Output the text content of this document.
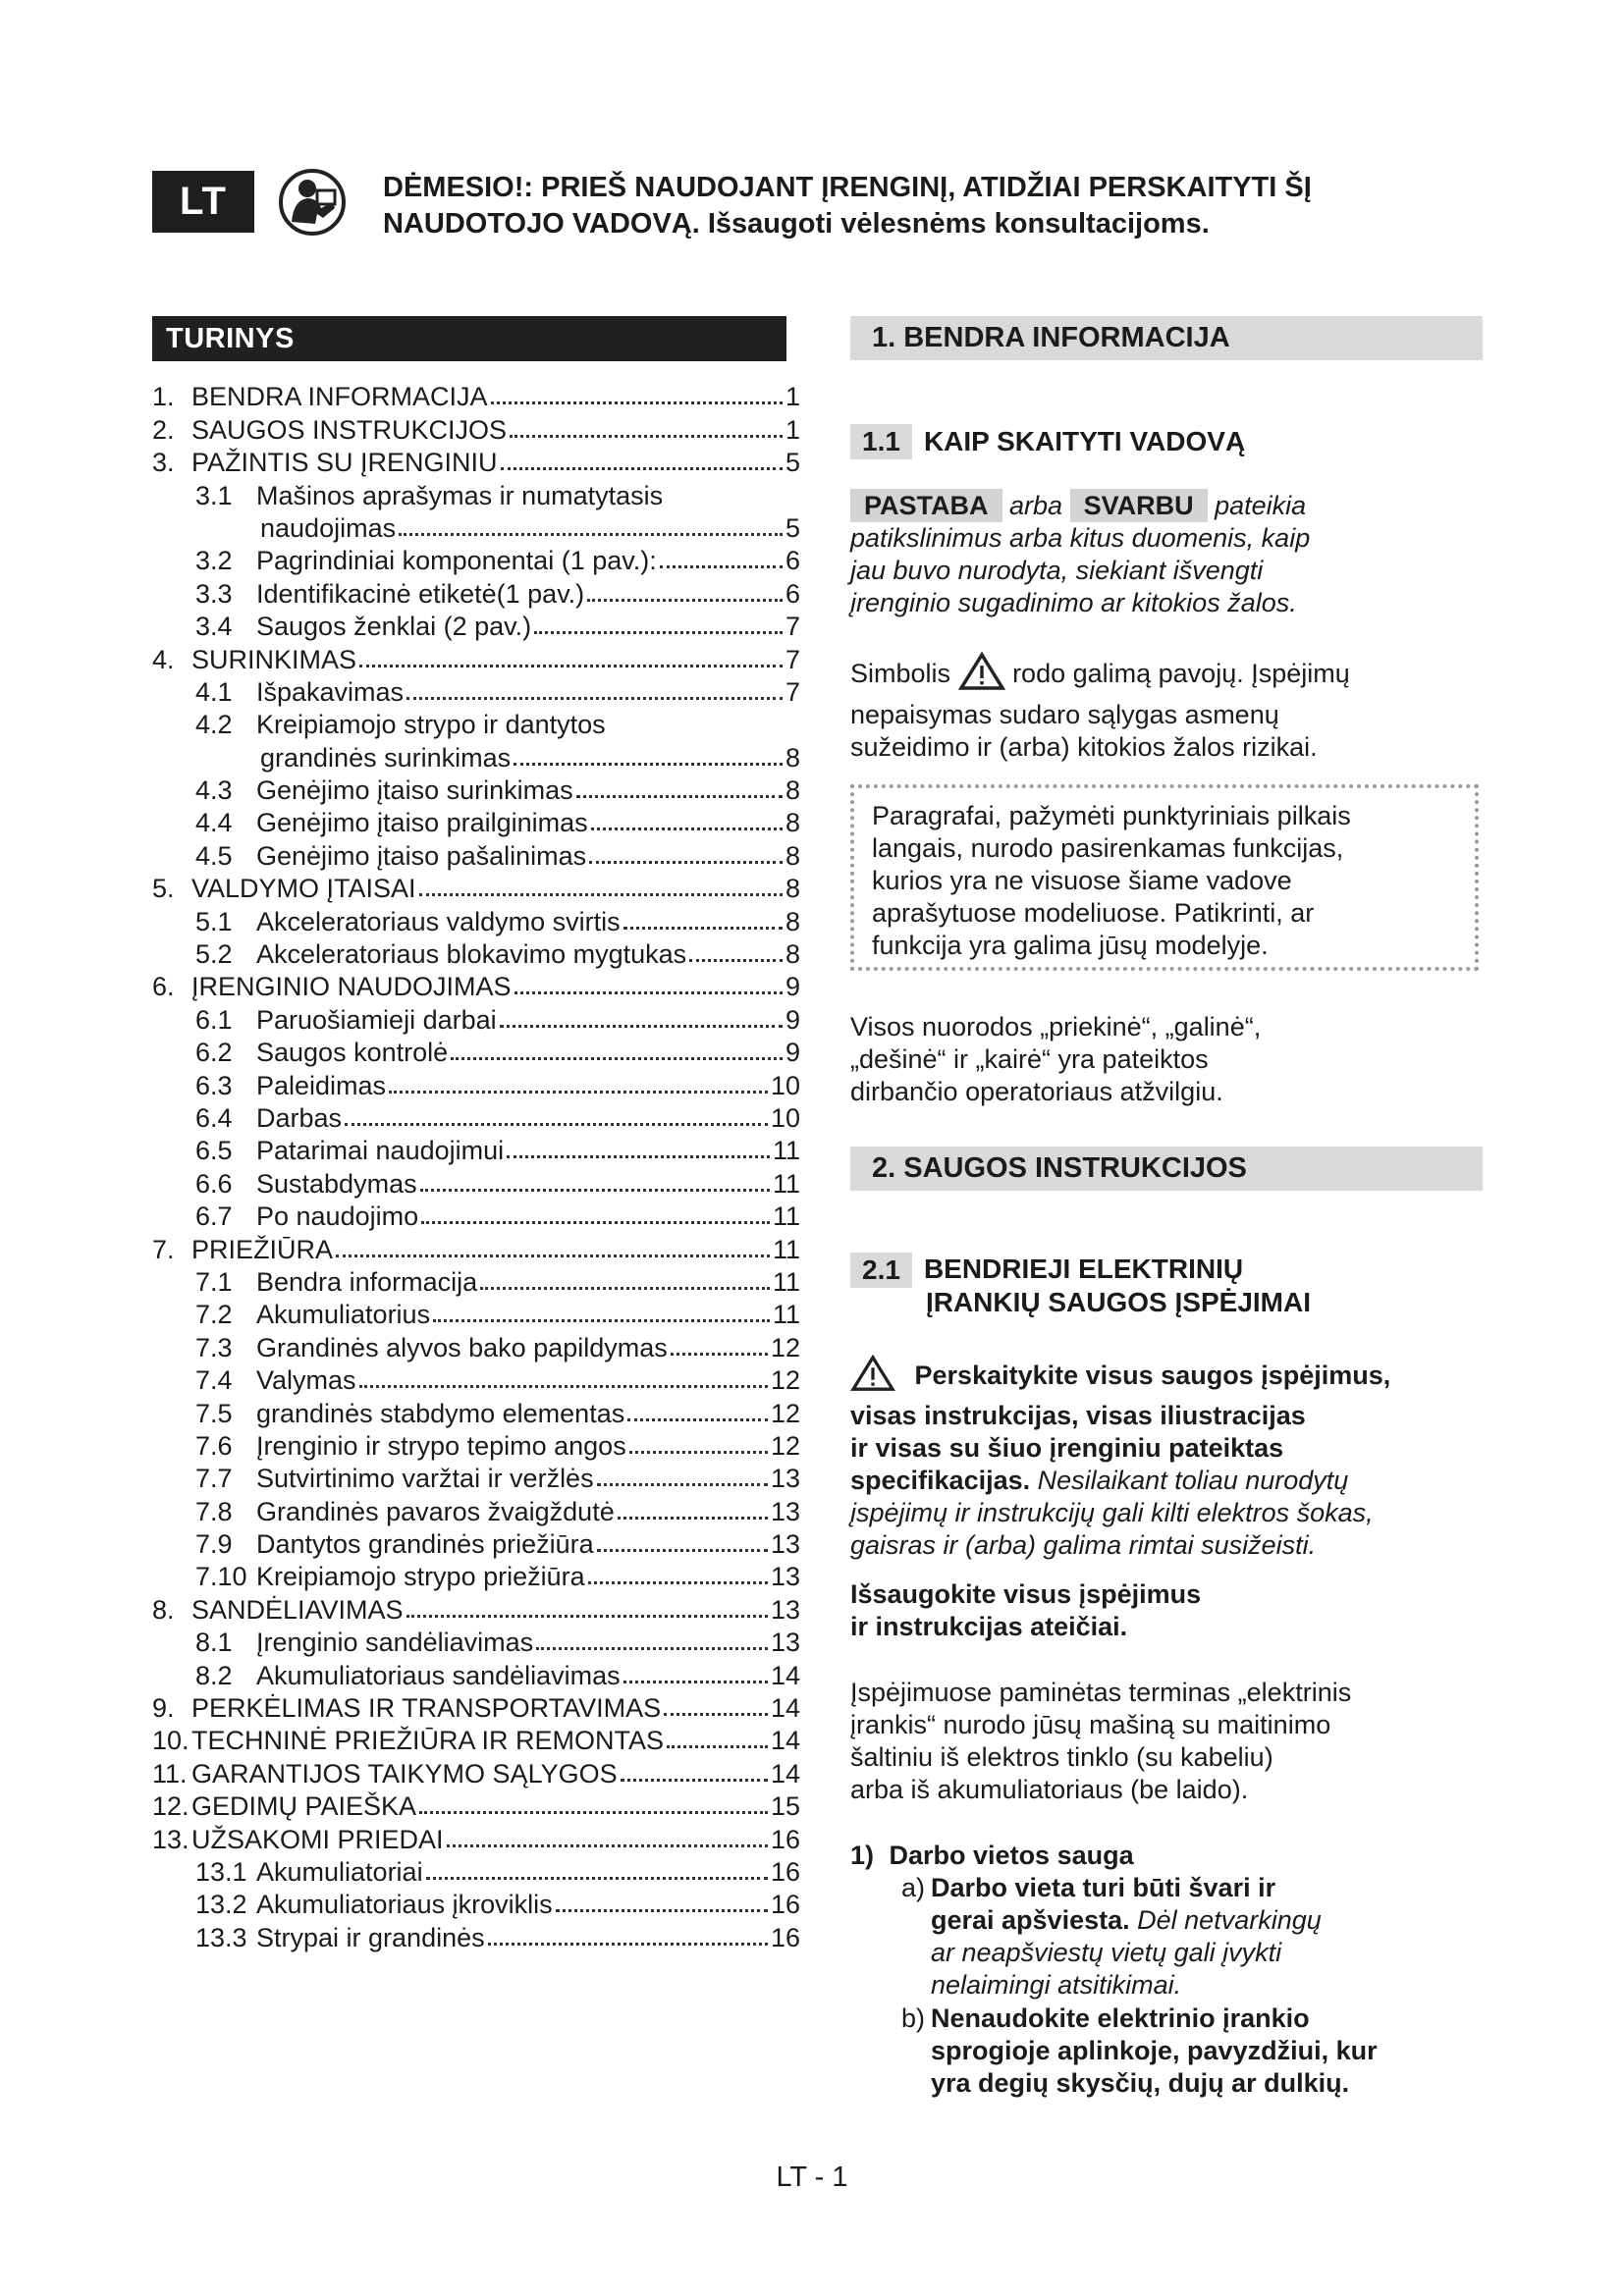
LT	DĖMESIO!: PRIEŠ NAUDOJANT ĮRENGINĮ, ATIDŽIAI PERSKAITYTI ŠĮ NAUDOTOJO VADOVĄ. Išsaugoti vėlesnėms konsultacijoms.
TURINYS
1. BENDRA INFORMACIJA	1
2. SAUGOS INSTRUKCIJOS	1
3. PAŽINTIS SU ĮRENGINIU	5
3.1 Mašinos aprašymas ir numatytasis
naudojimas	5
3.2 Pagrindiniai komponentai (1 pav.):	6
3.3 Identifikacinė etiketė(1 pav.)	6
3.4 Saugos ženklai (2 pav.)	7
4. SURINKIMAS	7
4.1 Išpakavimas	7
4.2 Kreipiamojo strypo ir dantytos
grandinės surinkimas	8
4.3 Genėjimo įtaiso surinkimas	8
4.4 Genėjimo įtaiso prailginimas	8
4.5 Genėjimo įtaiso pašalinimas	8
5. VALDYMO ĮTAISAI	8
5.1 Akceleratoriaus valdymo svirtis	8
5.2 Akceleratoriaus blokavimo mygtukas	8
6. ĮRENGINIO NAUDOJIMAS	9
6.1 Paruošiamieji darbai	9
6.2 Saugos kontrolė	9
6.3 Paleidimas	10
6.4 Darbas	10
6.5 Patarimai naudojimui	11
6.6 Sustabdymas	11
6.7 Po naudojimo	11
7. PRIEŽIŪRA	11
7.1 Bendra informacija	11
7.2 Akumuliatorius	11
7.3 Grandinės alyvos bako papildymas	12
7.4 Valymas	12
7.5 grandinės stabdymo elementas	12
7.6 Įrenginio ir strypo tepimo angos	12
7.7 Sutvirtinimo varžtai ir veržlės	13
7.8 Grandinės pavaros žvaigždutė	13
7.9 Dantytos grandinės priežiūra	13
7.10 Kreipiamojo strypo priežiūra	13
8. SANDĖLIAVIMAS	13
8.1 Įrenginio sandėliavimas	13
8.2 Akumuliatoriaus sandėliavimas	14
9. PERKĖLIMAS IR TRANSPORTAVIMAS	14
10. TECHNINĖ PRIEŽIŪRA IR REMONTAS	14
11. GARANTIJOS TAIKYMO SĄLYGOS	14
12. GEDIMŲ PAIEŠKA	15
13. UŽSAKOMI PRIEDAI	16
13.1 Akumuliatoriai	16
13.2 Akumuliatoriaus įkroviklis	16
13.3 Strypai ir grandinės	16
1. BENDRA INFORMACIJA
1.1 KAIP SKAITYTI VADOVĄ
PASTABA arba SVARBU pateikia
patikslinimus arba kitus duomenis, kaip
jau buvo nurodyta, siekiant išvengti
įrenginio sugadinimo ar kitokios žalos.
Simbolis rodo galimą pavojų. Įspėjimų
nepaisymas sudaro sąlygas asmenų
sužeidimo ir (arba) kitokios žalos rizikai.
Paragrafai, pažymėti punktyriniais pilkais
langais, nurodo pasirenkamas funkcijas,
kurios yra ne visuose šiame vadove
aprašytuose modeliuose. Patikrinti, ar
funkcija yra galima jūsų modelyje.
Visos nuorodos „priekinė“, „galinė“,
„dešinė“ ir „kairė“ yra pateiktos
dirbančio operatoriaus atžvilgiu.
2. SAUGOS INSTRUKCIJOS
2.1 BENDRIEJI ELEKTRINIŲ
ĮRANKIŲ SAUGOS ĮSPĖJIMAI
Perskaitykite visus saugos įspėjimus,
visas instrukcijas, visas iliustracijas
ir visas su šiuo įrenginiu pateiktas
specifikacijas. Nesilaikant toliau nurodytų
įspėjimų ir instrukcijų gali kilti elektros šokas,
gaisras ir (arba) galima rimtai susižeisti.
Išsaugokite visus įspėjimus
ir instrukcijas ateičiai.
Įspėjimuose paminėtas terminas „elektrinis
įrankis“ nurodo jūsų mašiną su maitinimo
šaltiniu iš elektros tinklo (su kabeliu)
arba iš akumuliatoriaus (be laido).
1) Darbo vietos sauga
a) Darbo vieta turi būti švari ir
gerai apšviesta. Dėl netvarkingų
ar neapšviestų vietų gali įvykti
nelaimingi atsitikimai.
b) Nenaudokite elektrinio įrankio
sprogioje aplinkoje, pavyzdžiui, kur
yra degių skysčių, dujų ar dulkių.
LT - 1
